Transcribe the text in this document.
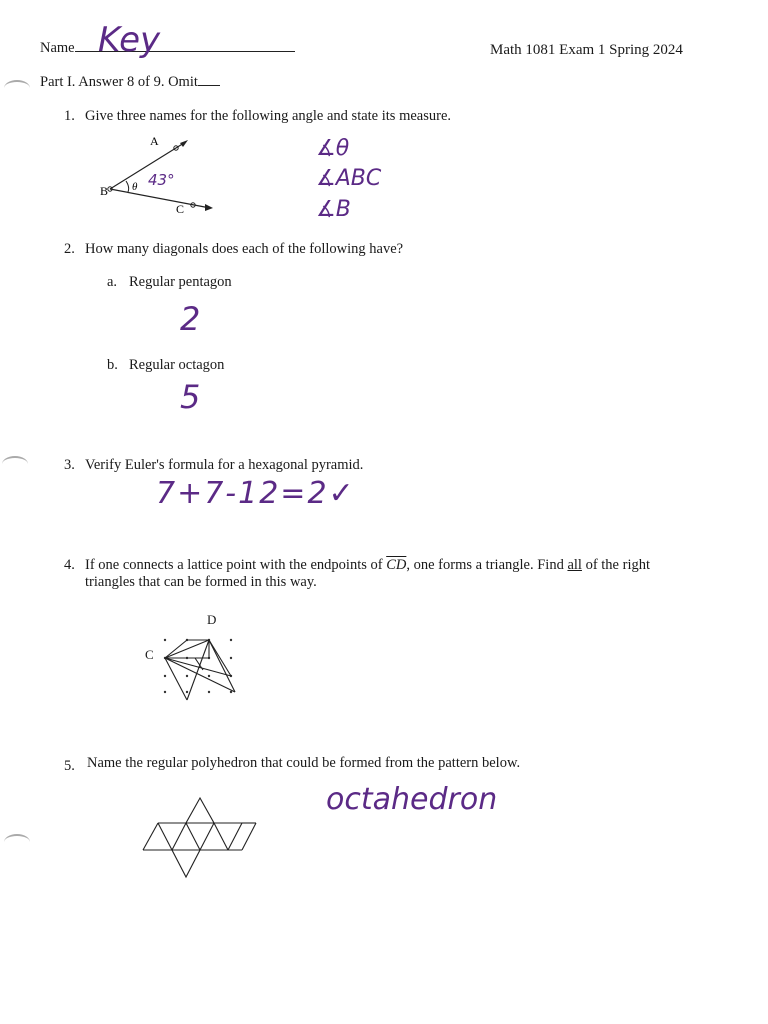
Name Key	Math 1081 Exam 1 Spring 2024
Part I. Answer 8 of 9. Omit
1. Give three names for the following angle and state its measure.
A
B
C
θ 43°
∡θ
∡ABC
∡B
2. How many diagonals does each of the following have?
a. Regular pentagon
2
b. Regular octagon
5
3. Verify Euler's formula for a hexagonal pyramid.
7+7-12=2✓
4. If one connects a lattice point with the endpoints of $\overline{CD}$, one forms a triangle. Find all of the right
triangles that can be formed in this way.
D
C
5. Name the regular polyhedron that could be formed from the pattern below.
octahedron
